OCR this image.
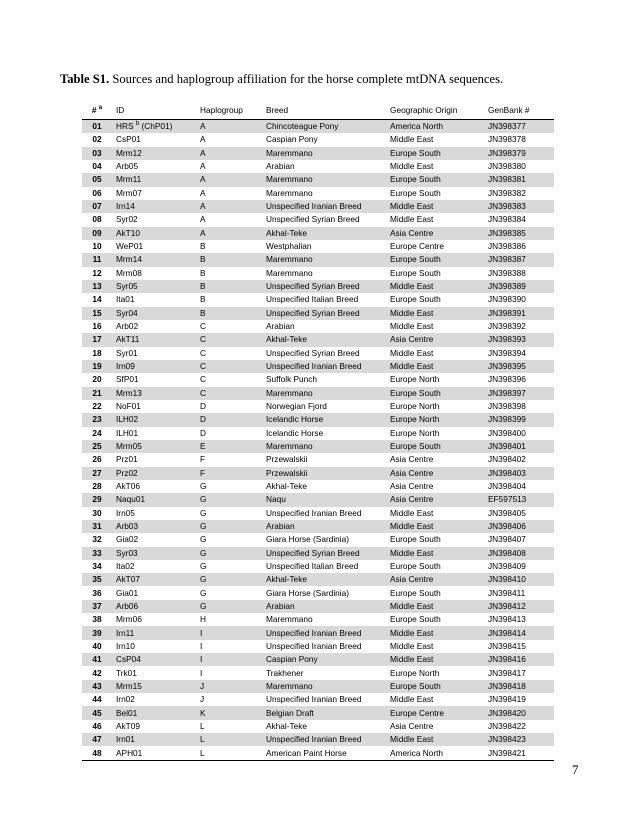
Table S1. Sources and haplogroup affiliation for the horse complete mtDNA sequences.
# $^a$	ID	Haplogroup	Breed	Geographic Origin	GenBank #
01	HRS $^b$ (ChP01)	A	Chincoteague Pony	America North	JN398377
02	CsP01	A	Caspian Pony	Middle East	JN398378
03	Mrm12	A	Maremmano	Europe South	JN398379
04	Arb05	A	Arabian	Middle East	JN398380
05	Mrm11	A	Maremmano	Europe South	JN398381
06	Mrm07	A	Maremmano	Europe South	JN398382
07	Irn14	A	Unspecified Iranian Breed	Middle East	JN398383
08	Syr02	A	Unspecified Syrian Breed	Middle East	JN398384
09	AkT10	A	Akhal-Teke	Asia Centre	JN398385
10	WeP01	B	Westphalian	Europe Centre	JN398386
11	Mrm14	B	Maremmano	Europe South	JN398387
12	Mrm08	B	Maremmano	Europe South	JN398388
13	Syr05	B	Unspecified Syrian Breed	Middle East	JN398389
14	Ita01	B	Unspecified Italian Breed	Europe South	JN398390
15	Syr04	B	Unspecified Syrian Breed	Middle East	JN398391
16	Arb02	C	Arabian	Middle East	JN398392
17	AkT11	C	Akhal-Teke	Asia Centre	JN398393
18	Syr01	C	Unspecified Syrian Breed	Middle East	JN398394
19	Irn09	C	Unspecified Iranian Breed	Middle East	JN398395
20	SfP01	C	Suffolk Punch	Europe North	JN398396
21	Mrm13	C	Maremmano	Europe South	JN398397
22	NoF01	D	Norwegian Fjord	Europe North	JN398398
23	ILH02	D	Icelandic Horse	Europe North	JN398399
24	ILH01	D	Icelandic Horse	Europe North	JN398400
25	Mrm05	E	Maremmano	Europe South	JN398401
26	Prz01	F	Przewalskii	Asia Centre	JN398402
27	Prz02	F	Przewalskii	Asia Centre	JN398403
28	AkT06	G	Akhal-Teke	Asia Centre	JN398404
29	Naqu01	G	Naqu	Asia Centre	EF597513
30	Irn05	G	Unspecified Iranian Breed	Middle East	JN398405
31	Arb03	G	Arabian	Middle East	JN398406
32	Gia02	G	Giara Horse (Sardinia)	Europe South	JN398407
33	Syr03	G	Unspecified Syrian Breed	Middle East	JN398408
34	Ita02	G	Unspecified Italian Breed	Europe South	JN398409
35	AkT07	G	Akhal-Teke	Asia Centre	JN398410
36	Gia01	G	Giara Horse (Sardinia)	Europe South	JN398411
37	Arb06	G	Arabian	Middle East	JN398412
38	Mrm06	H	Maremmano	Europe South	JN398413
39	Irn11	I	Unspecified Iranian Breed	Middle East	JN398414
40	Irn10	I	Unspecified Iranian Breed	Middle East	JN398415
41	CsP04	I	Caspian Pony	Middle East	JN398416
42	Trk01	I	Trakhener	Europe North	JN398417
43	Mrm15	J	Maremmano	Europe South	JN398418
44	Irn02	J	Unspecified Iranian Breed	Middle East	JN398419
45	Bel01	K	Belgian Draft	Europe Centre	JN398420
46	AkT09	L	Akhal-Teke	Asia Centre	JN398422
47	Irn01	L	Unspecified Iranian Breed	Middle East	JN398423
48	APH01	L	American Paint Horse	America North	JN398421
7
